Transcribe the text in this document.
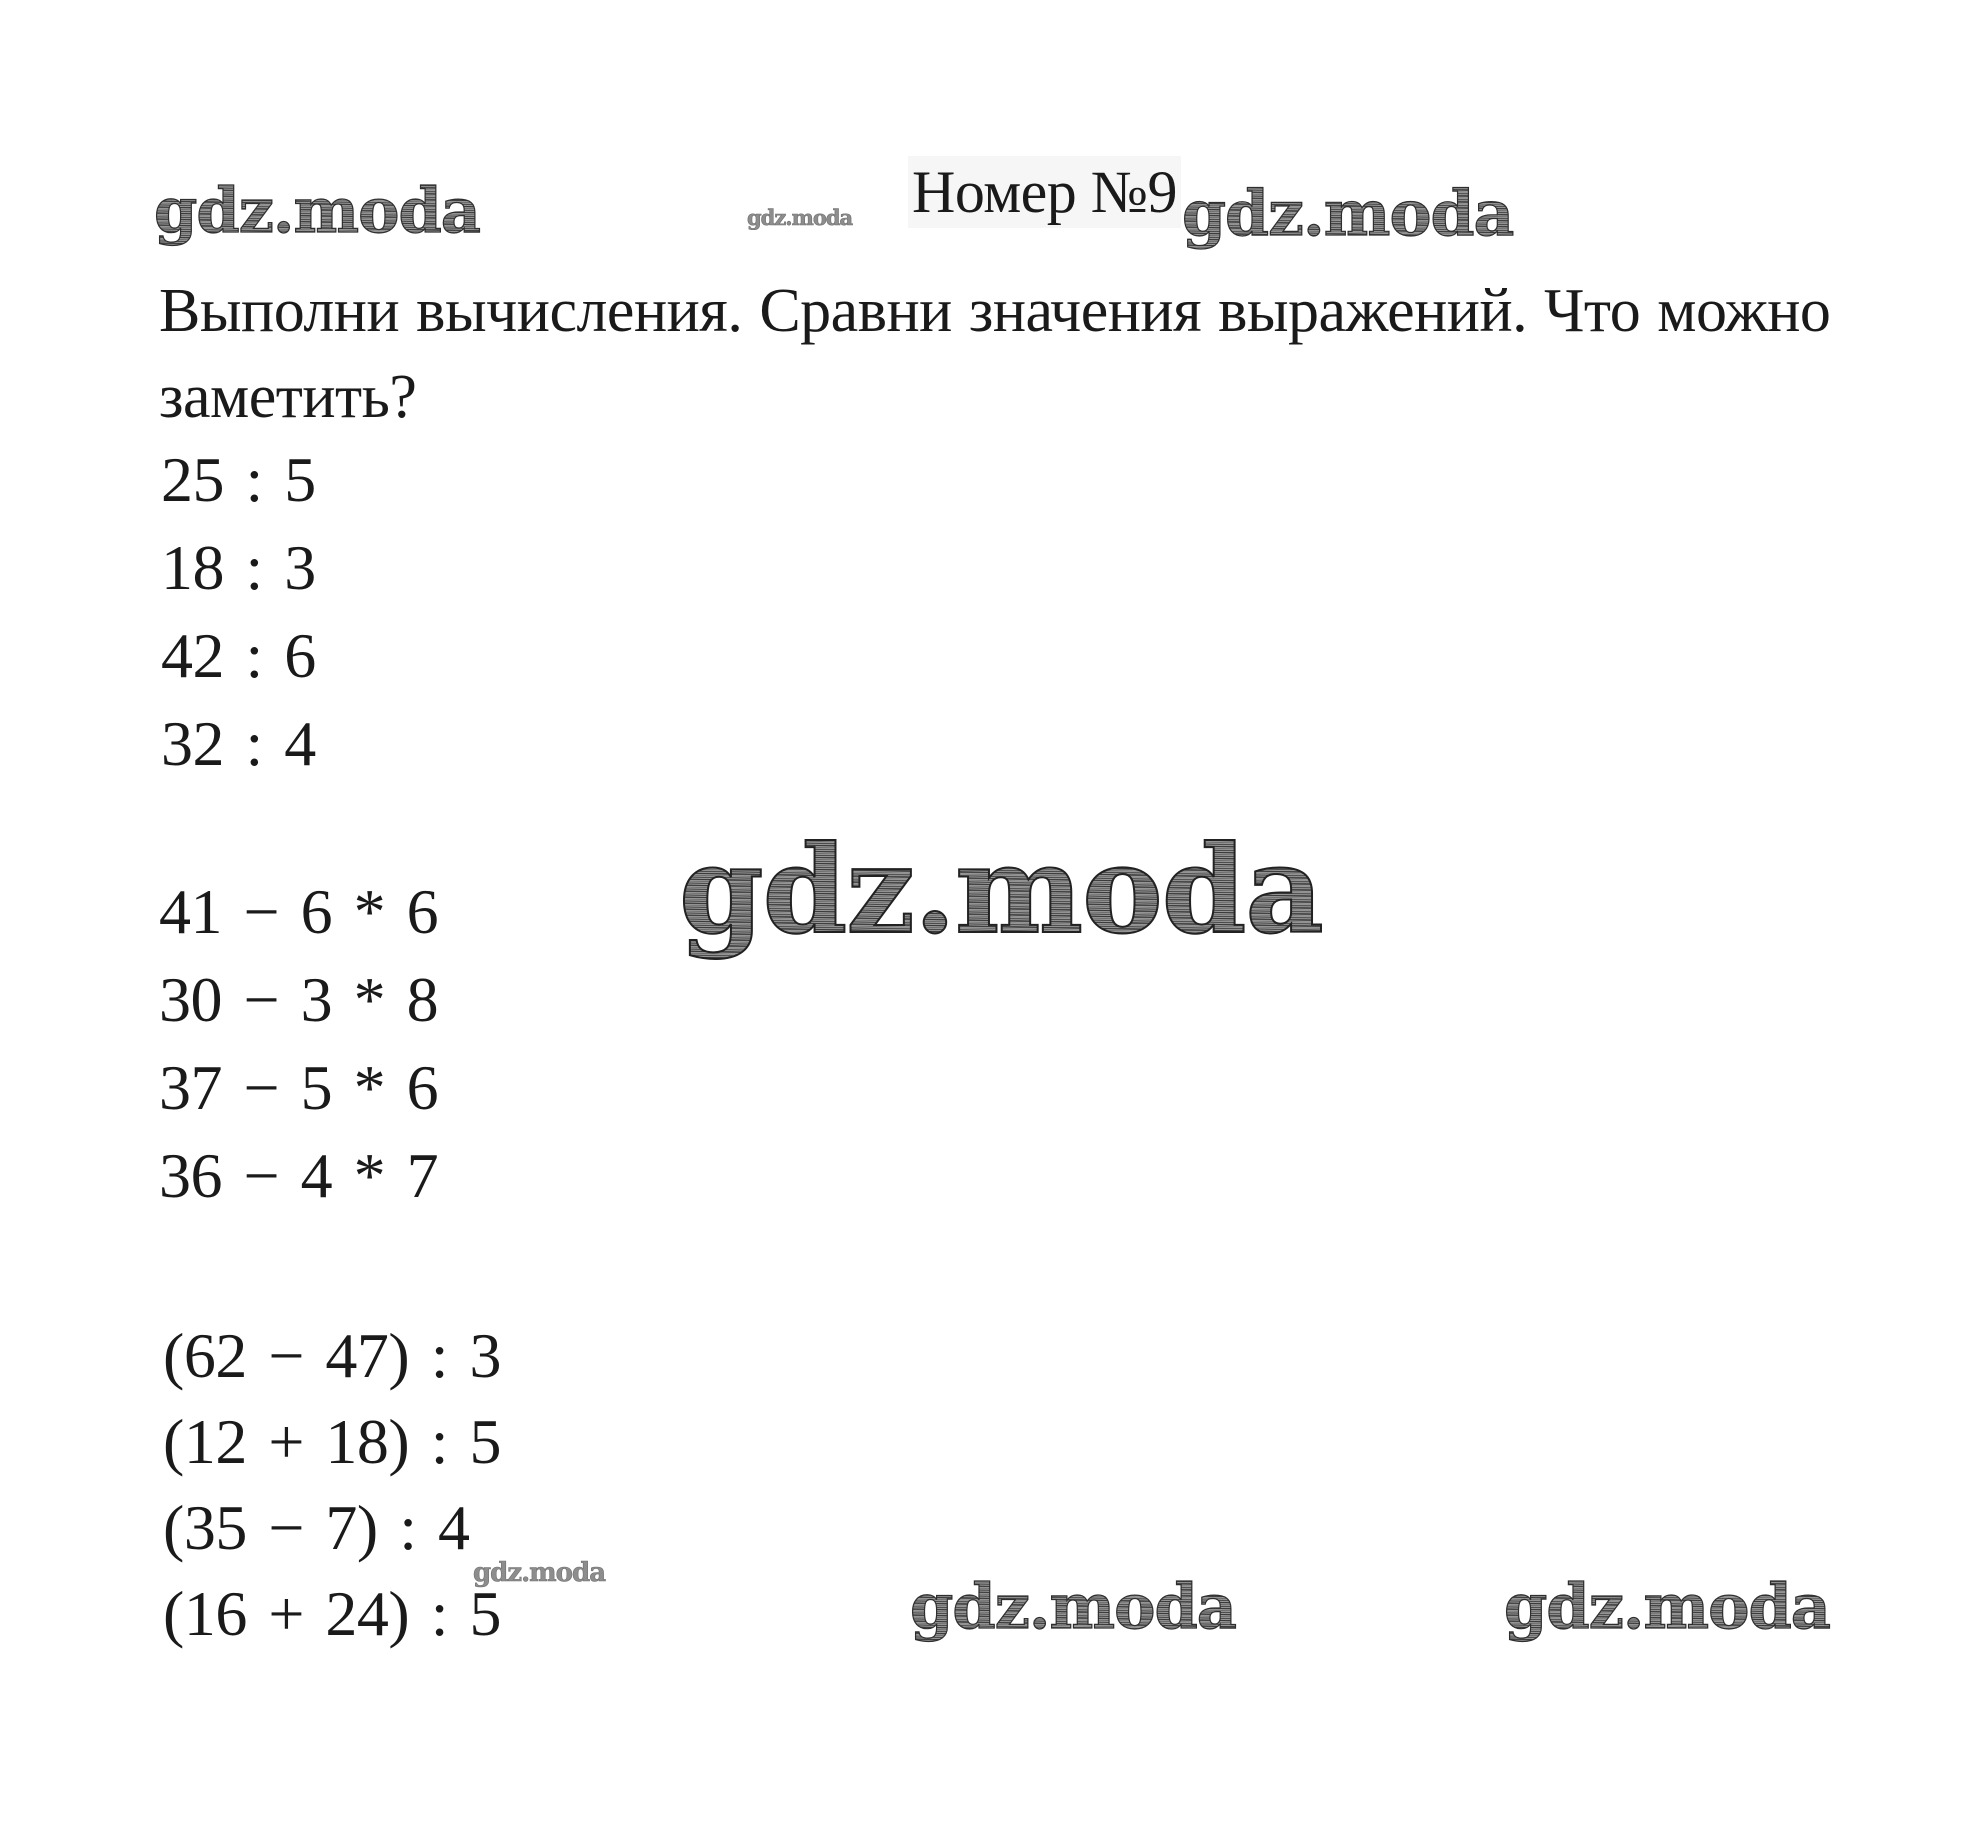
gdz.moda	gdz.moda Номер №9 gdz.moda
Выполни вычисления. Сравни значения выражений. Что можно заметить?
25 : 5
18 : 3
42 : 6
32 : 4
gdz.moda
41 − 6 * 6
30 − 3 * 8
37 − 5 * 6
36 − 4 * 7
(62 − 47) : 3
(12 + 18) : 5
(35 − 7) : 4
(16 + 24) : 5
gdz.moda	gdz.moda	gdz.moda
